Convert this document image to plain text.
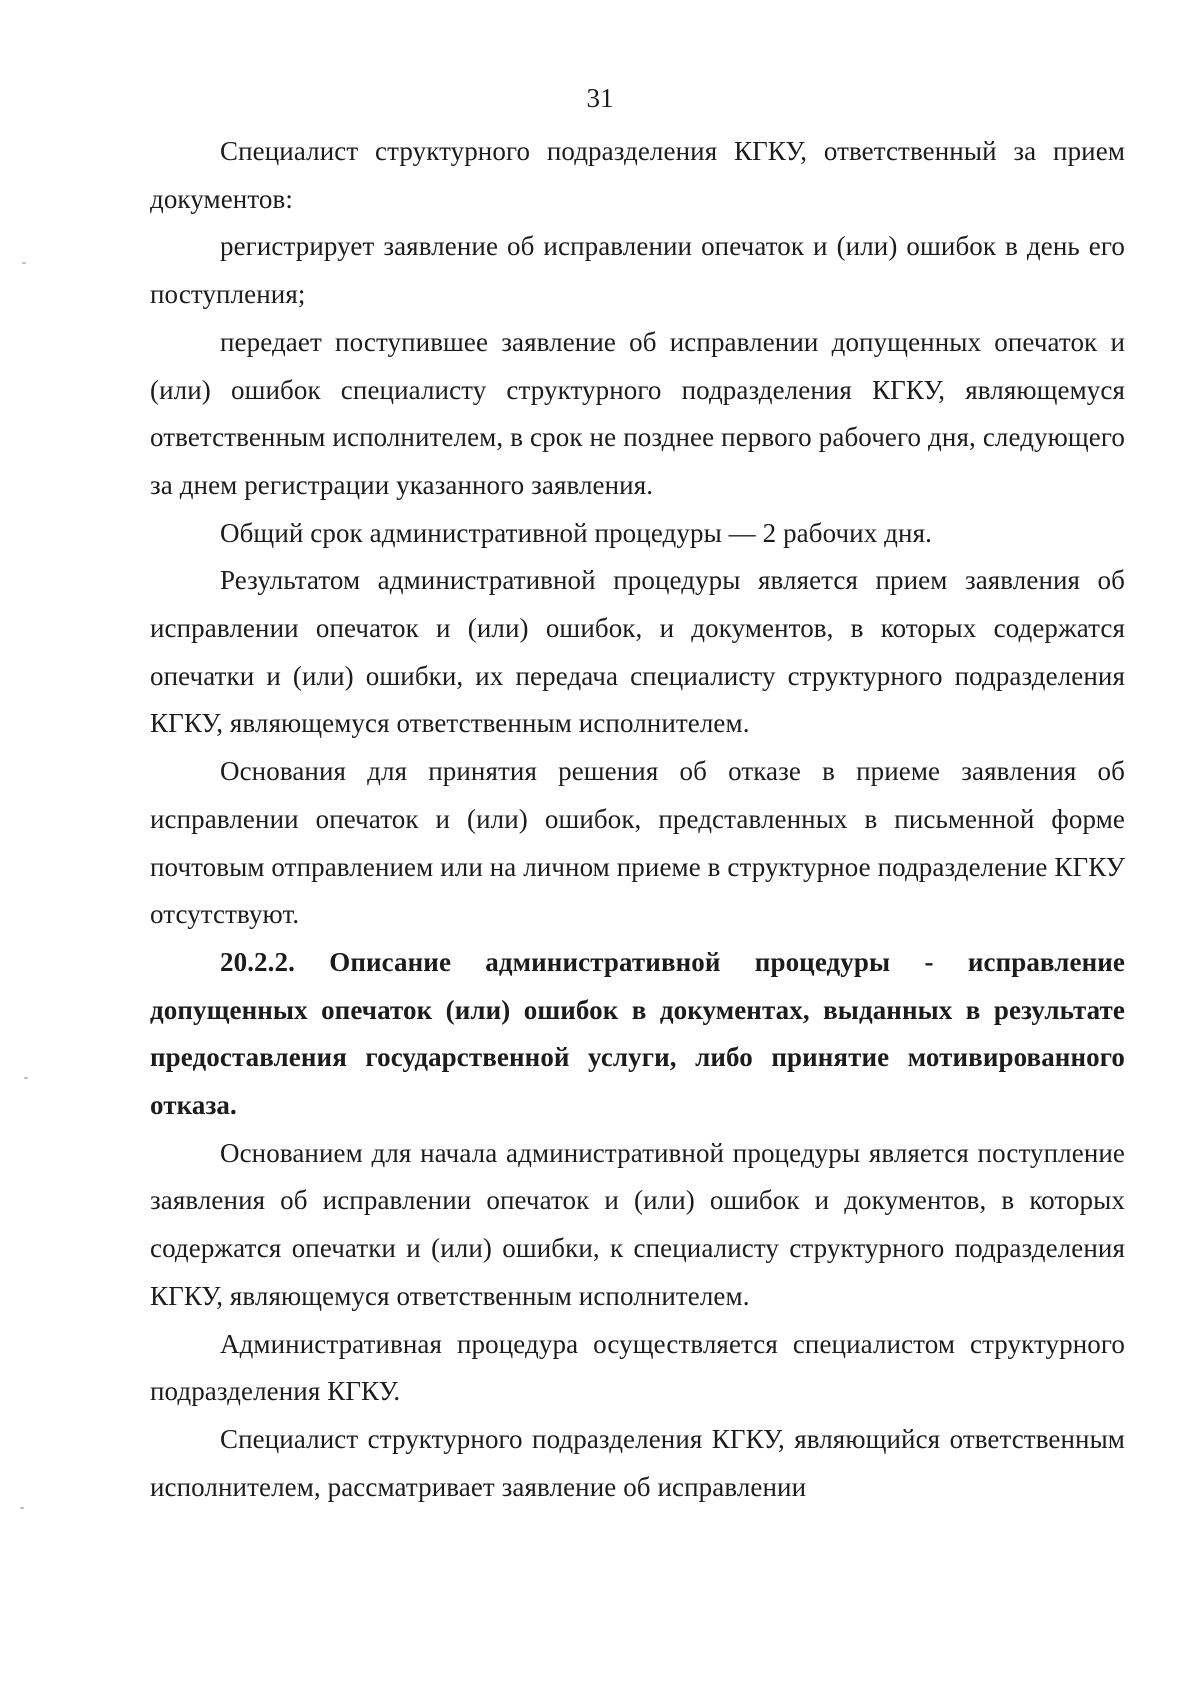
31

Специалист структурного подразделения КГКУ, ответственный за прием документов:

регистрирует заявление об исправлении опечаток и (или) ошибок в день его поступления;

передает поступившее заявление об исправлении допущенных опечаток и (или) ошибок специалисту структурного подразделения КГКУ, являющемуся ответственным исполнителем, в срок не позднее первого рабочего дня, следующего за днем регистрации указанного заявления.

Общий срок административной процедуры — 2 рабочих дня.

Результатом административной процедуры является прием заявления об исправлении опечаток и (или) ошибок, и документов, в которых содержатся опечатки и (или) ошибки, их передача специалисту структурного подразделения КГКУ, являющемуся ответственным исполнителем.

Основания для принятия решения об отказе в приеме заявления об исправлении опечаток и (или) ошибок, представленных в письменной форме почтовым отправлением или на личном приеме в структурное подразделение КГКУ отсутствуют.

20.2.2. Описание административной процедуры - исправление допущенных опечаток (или) ошибок в документах, выданных в результате предоставления государственной услуги, либо принятие мотивированного отказа.

Основанием для начала административной процедуры является поступление заявления об исправлении опечаток и (или) ошибок и документов, в которых содержатся опечатки и (или) ошибки, к специалисту структурного подразделения КГКУ, являющемуся ответственным исполнителем.

Административная процедура осуществляется специалистом структурного подразделения КГКУ.

Специалист структурного подразделения КГКУ, являющийся ответственным исполнителем, рассматривает заявление об исправлении
